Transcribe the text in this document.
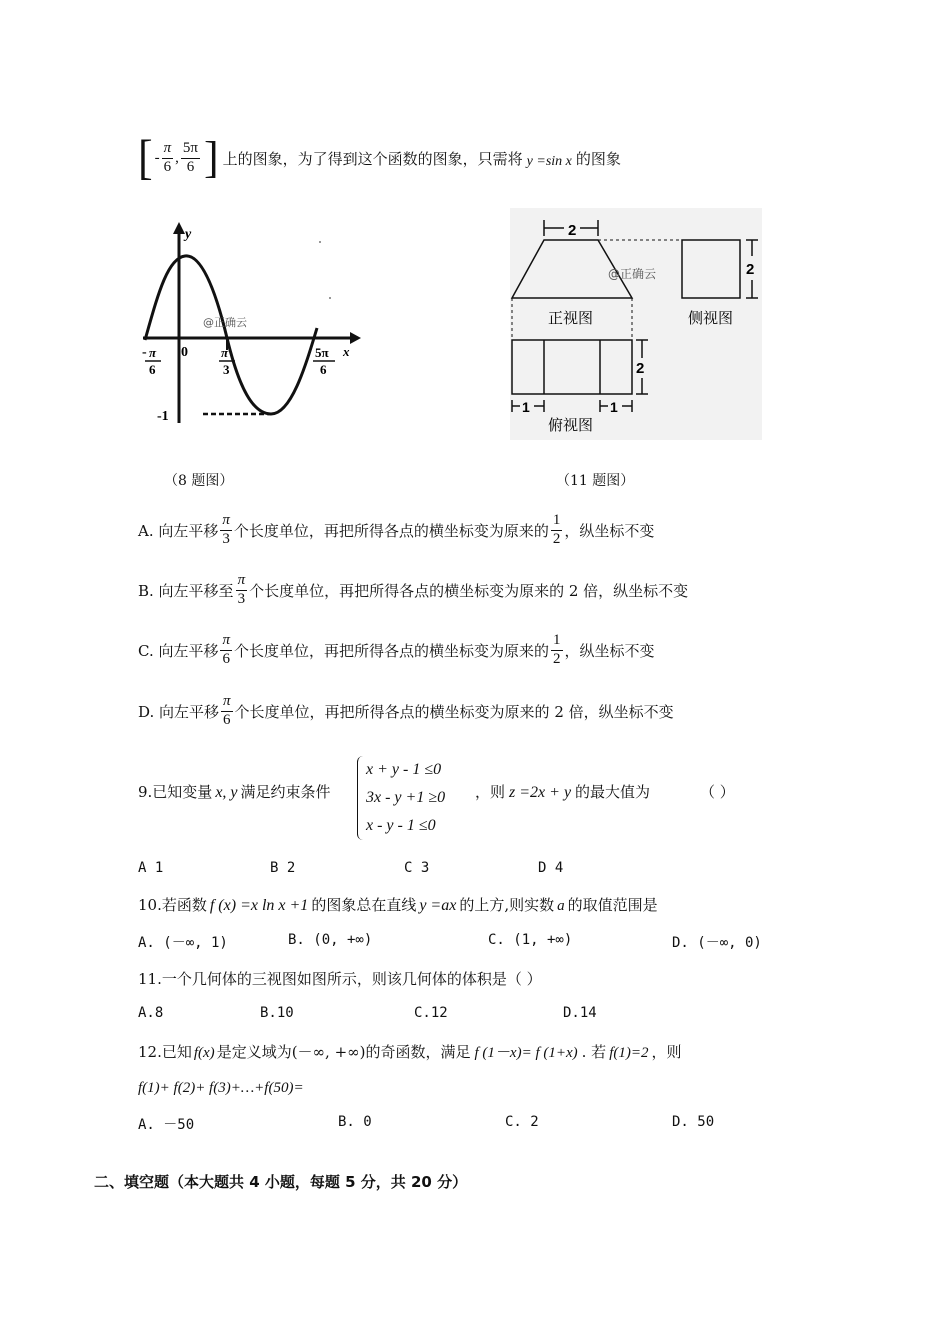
[ - $\frac{\pi}{6}$ , $\frac{5\pi}{6}$ ] 上的图象，为了得到这个函数的图象，只需将 y =sin x 的图象
y
x
0
- π
6
π
3
5π
6
-1
@正确云
2
@正确云	2
正视图	侧视图
2
1	1
俯视图
（8 题图）	（11 题图）
A. 向左平移 $\frac{\pi}{3}$ 个长度单位，再把所得各点的横坐标变为原来的 $\frac{1}{2}$ ，纵坐标不变
B. 向左平移至 $\frac{\pi}{3}$ 个长度单位，再把所得各点的横坐标变为原来的 2 倍，纵坐标不变
C. 向左平移 $\frac{\pi}{6}$ 个长度单位，再把所得各点的横坐标变为原来的 $\frac{1}{2}$ ，纵坐标不变
D. 向左平移 $\frac{\pi}{6}$ 个长度单位，再把所得各点的横坐标变为原来的 2 倍，纵坐标不变
9.已知变量 x, y 满足约束条件
x + y - 1 ≤0
3x - y +1 ≥0
x - y - 1 ≤0
，则 z =2x + y 的最大值为	（ ）
A 1	B 2	C 3	D 4
10.若函数 f (x) =x ln x +1 的图象总在直线 y =ax 的上方,则实数 a 的取值范围是
A. (－∞, 1)	B. (0, +∞)	C. (1, +∞)	D. (－∞, 0)
11.一个几何体的三视图如图所示，则该几何体的体积是（ ）
A.8	B.10	C.12	D.14
12.已知 f(x) 是定义域为(－∞, +∞)的奇函数，满足 f (1－x)= f (1+x) . 若 f(1)=2 ，则
f(1)+ f(2)+ f(3)+…+f(50)=
A. －50	B. 0	C. 2	D. 50
二、填空题（本大题共 4 小题，每题 5 分，共 20 分）
